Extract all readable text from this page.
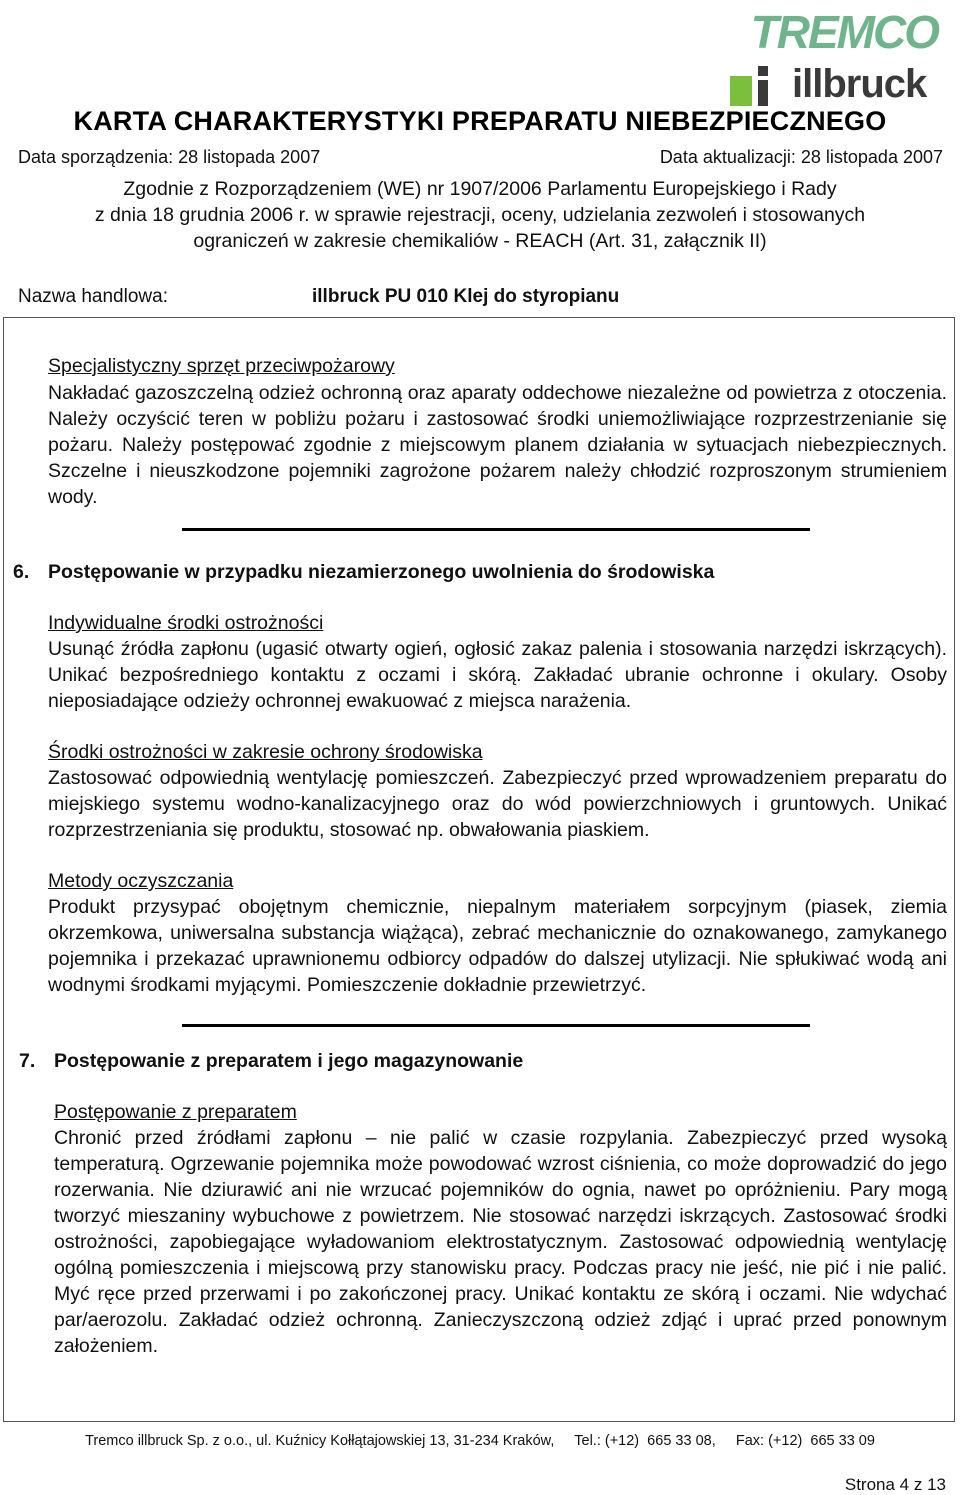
TREMCO
illbruck
KARTA CHARAKTERYSTYKI PREPARATU NIEBEZPIECZNEGO
Data sporządzenia: 28 listopada 2007	Data aktualizacji: 28 listopada 2007
Zgodnie z Rozporządzeniem (WE) nr 1907/2006 Parlamentu Europejskiego i Rady
z dnia 18 grudnia 2006 r. w sprawie rejestracji, oceny, udzielania zezwoleń i stosowanych
ograniczeń w zakresie chemikaliów - REACH (Art. 31, załącznik II)
Nazwa handlowa:	illbruck PU 010 Klej do styropianu
Specjalistyczny sprzęt przeciwpożarowy
Nakładać gazoszczelną odzież ochronną oraz aparaty oddechowe niezależne od powietrza z otoczenia. Należy oczyścić teren w pobliżu pożaru i zastosować środki uniemożliwiające rozprzestrzenianie się pożaru. Należy postępować zgodnie z miejscowym planem działania w sytuacjach niebezpiecznych. Szczelne i nieuszkodzone pojemniki zagrożone pożarem należy chłodzić rozproszonym strumieniem wody.
6. Postępowanie w przypadku niezamierzonego uwolnienia do środowiska
Indywidualne środki ostrożności
Usunąć źródła zapłonu (ugasić otwarty ogień, ogłosić zakaz palenia i stosowania narzędzi iskrzących). Unikać bezpośredniego kontaktu z oczami i skórą. Zakładać ubranie ochronne i okulary. Osoby nieposiadające odzieży ochronnej ewakuować z miejsca narażenia.
Środki ostrożności w zakresie ochrony środowiska
Zastosować odpowiednią wentylację pomieszczeń. Zabezpieczyć przed wprowadzeniem preparatu do miejskiego systemu wodno-kanalizacyjnego oraz do wód powierzchniowych i gruntowych. Unikać rozprzestrzeniania się produktu, stosować np. obwałowania piaskiem.
Metody oczyszczania
Produkt przysypać obojętnym chemicznie, niepalnym materiałem sorpcyjnym (piasek, ziemia okrzemkowa, uniwersalna substancja wiążąca), zebrać mechanicznie do oznakowanego, zamykanego pojemnika i przekazać uprawnionemu odbiorcy odpadów do dalszej utylizacji. Nie spłukiwać wodą ani wodnymi środkami myjącymi. Pomieszczenie dokładnie przewietrzyć.
7. Postępowanie z preparatem i jego magazynowanie
Postępowanie z preparatem
Chronić przed źródłami zapłonu – nie palić w czasie rozpylania. Zabezpieczyć przed wysoką temperaturą. Ogrzewanie pojemnika może powodować wzrost ciśnienia, co może doprowadzić do jego rozerwania. Nie dziurawić ani nie wrzucać pojemników do ognia, nawet po opróżnieniu. Pary mogą tworzyć mieszaniny wybuchowe z powietrzem. Nie stosować narzędzi iskrzących. Zastosować środki ostrożności, zapobiegające wyładowaniom elektrostatycznym. Zastosować odpowiednią wentylację ogólną pomieszczenia i miejscową przy stanowisku pracy. Podczas pracy nie jeść, nie pić i nie palić. Myć ręce przed przerwami i po zakończonej pracy. Unikać kontaktu ze skórą i oczami. Nie wdychać par/aerozolu. Zakładać odzież ochronną. Zanieczyszczoną odzież zdjąć i uprać przed ponownym założeniem.
Tremco illbruck Sp. z o.o., ul. Kuźnicy Kołłątajowskiej 13, 31-234 Kraków,     Tel.: (+12)  665 33 08,     Fax: (+12)  665 33 09
Strona 4 z 13
